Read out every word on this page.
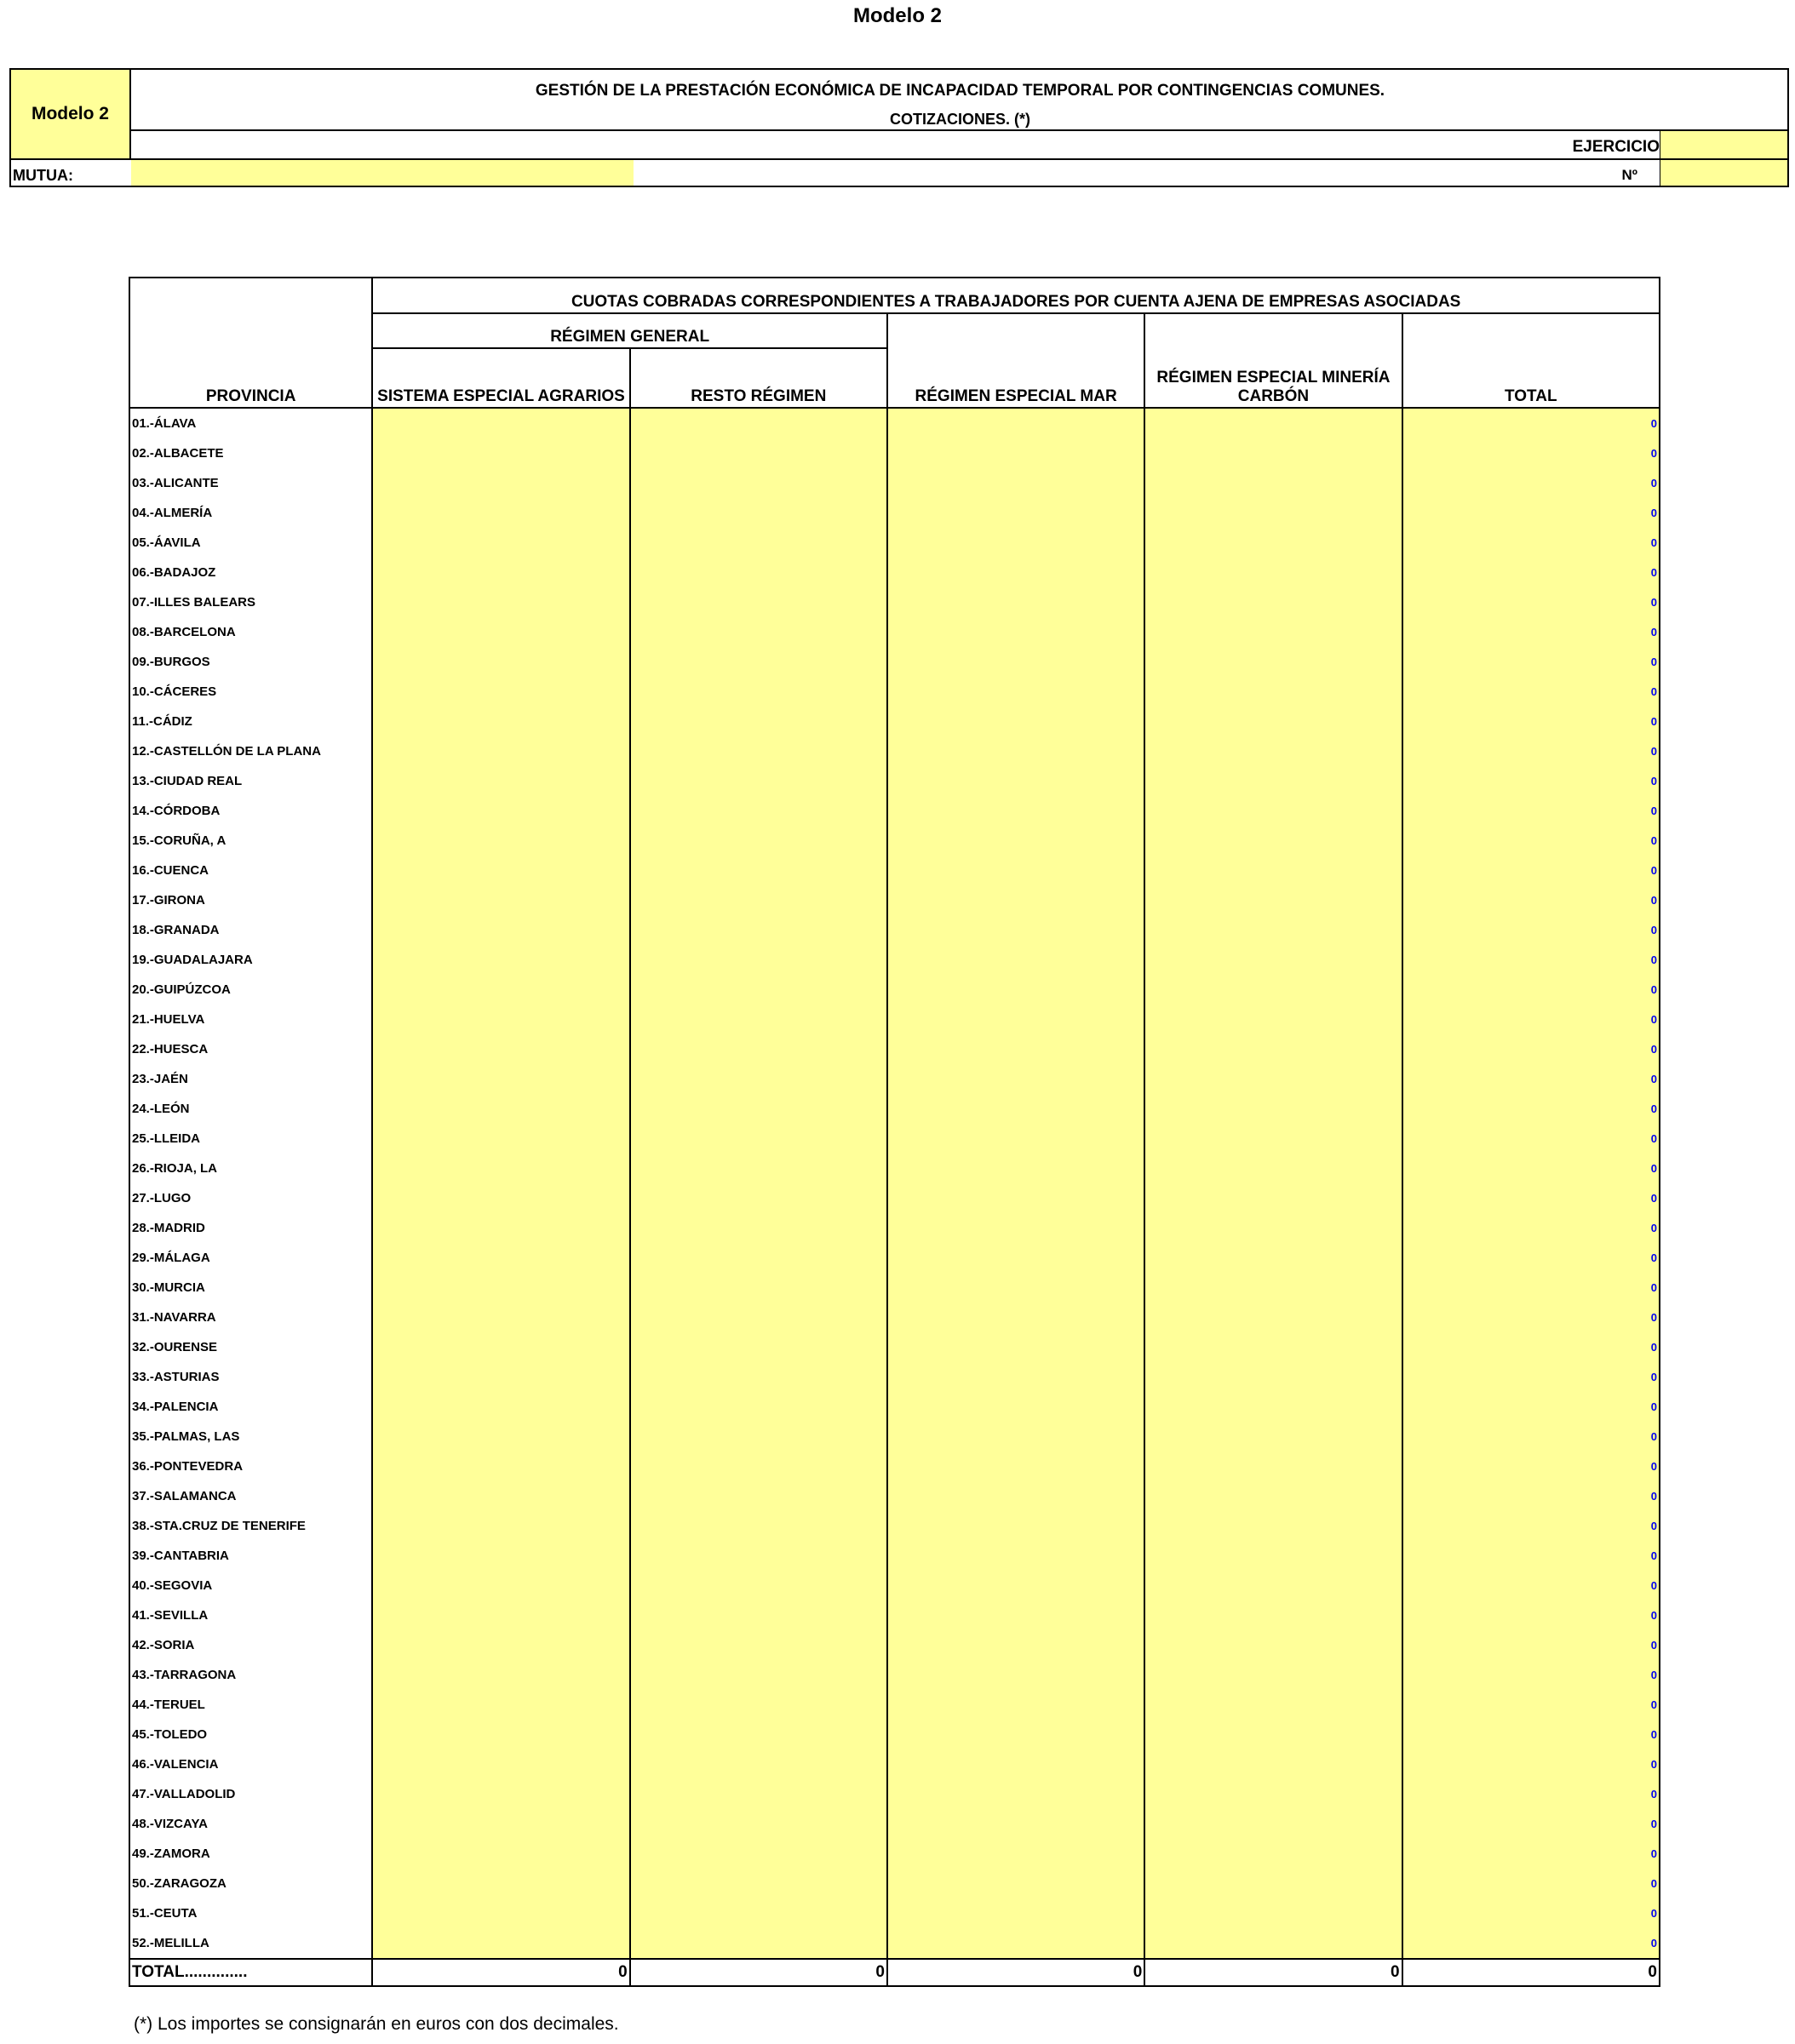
Modelo 2
Modelo 2
GESTIÓN DE LA PRESTACIÓN ECONÓMICA DE INCAPACIDAD TEMPORAL POR CONTINGENCIAS COMUNES.
COTIZACIONES. (*)
EJERCICIO
MUTUA:	Nº
PROVINCIA	CUOTAS COBRADAS CORRESPONDIENTES A TRABAJADORES POR CUENTA AJENA DE EMPRESAS ASOCIADAS				
	RÉGIMEN GENERAL		RÉGIMEN ESPECIAL MAR	RÉGIMEN ESPECIAL MINERÍA CARBÓN	TOTAL
	SISTEMA ESPECIAL AGRARIOS	RESTO RÉGIMEN			
01.-ÁLAVA					0
02.-ALBACETE					0
03.-ALICANTE					0
04.-ALMERÍA					0
05.-ÁAVILA					0
06.-BADAJOZ					0
07.-ILLES BALEARS					0
08.-BARCELONA					0
09.-BURGOS					0
10.-CÁCERES					0
11.-CÁDIZ					0
12.-CASTELLÓN DE LA PLANA					0
13.-CIUDAD REAL					0
14.-CÓRDOBA					0
15.-CORUÑA, A					0
16.-CUENCA					0
17.-GIRONA					0
18.-GRANADA					0
19.-GUADALAJARA					0
20.-GUIPÚZCOA					0
21.-HUELVA					0
22.-HUESCA					0
23.-JAÉN					0
24.-LEÓN					0
25.-LLEIDA					0
26.-RIOJA, LA					0
27.-LUGO					0
28.-MADRID					0
29.-MÁLAGA					0
30.-MURCIA					0
31.-NAVARRA					0
32.-OURENSE					0
33.-ASTURIAS					0
34.-PALENCIA					0
35.-PALMAS, LAS					0
36.-PONTEVEDRA					0
37.-SALAMANCA					0
38.-STA.CRUZ DE TENERIFE					0
39.-CANTABRIA					0
40.-SEGOVIA					0
41.-SEVILLA					0
42.-SORIA					0
43.-TARRAGONA					0
44.-TERUEL					0
45.-TOLEDO					0
46.-VALENCIA					0
47.-VALLADOLID					0
48.-VIZCAYA					0
49.-ZAMORA					0
50.-ZARAGOZA					0
51.-CEUTA					0
52.-MELILLA					0
TOTAL..............	0	0	0	0	0
(*) Los importes se consignarán en euros con dos decimales.
